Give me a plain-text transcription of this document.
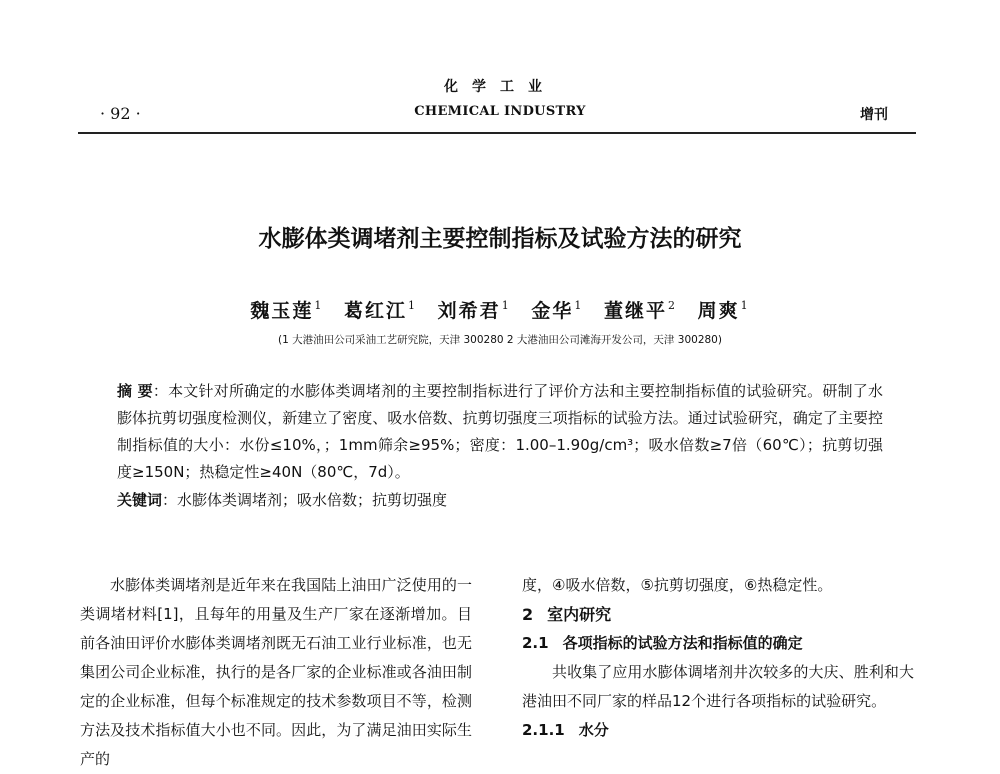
化学工业
CHEMICAL INDUSTRY
· 92 ·	增刊
水膨体类调堵剂主要控制指标及试验方法的研究
魏玉莲$^1$ 葛红江$^1$ 刘希君$^1$ 金华$^1$ 董继平$^2$ 周爽$^1$
(1 大港油田公司采油工艺研究院，天津 300280 2 大港油田公司滩海开发公司，天津 300280)
摘 要：本文针对所确定的水膨体类调堵剂的主要控制指标进行了评价方法和主要控制指标值的试验研究。研制了水膨体抗剪切强度检测仪，新建立了密度、吸水倍数、抗剪切强度三项指标的试验方法。通过试验研究，确定了主要控制指标值的大小：水份≤10%，；1mm筛余≥95%；密度：1.00–1.90g/cm³；吸水倍数≥7倍（60℃）；抗剪切强度≥150N；热稳定性≥40N（80℃，7d）。
关键词：水膨体类调堵剂；吸水倍数；抗剪切强度

水膨体类调堵剂是近年来在我国陆上油田广泛使用的一类调堵材料[1]，且每年的用量及生产厂家在逐渐增加。目前各油田评价水膨体类调堵剂既无石油工业行业标准，也无集团公司企业标准，执行的是各厂家的企业标准或各油田制定的企业标准，但每个标准规定的技术参数项目不等，检测方法及技术指标值大小也不同。因此，为了满足油田实际生产的

度，④吸水倍数，⑤抗剪切强度，⑥热稳定性。

2 室内研究
2.1 各项指标的试验方法和指标值的确定

共收集了应用水膨体调堵剂井次较多的大庆、胜利和大港油田不同厂家的样品12个进行各项指标的试验研究。

2.1.1 水分
